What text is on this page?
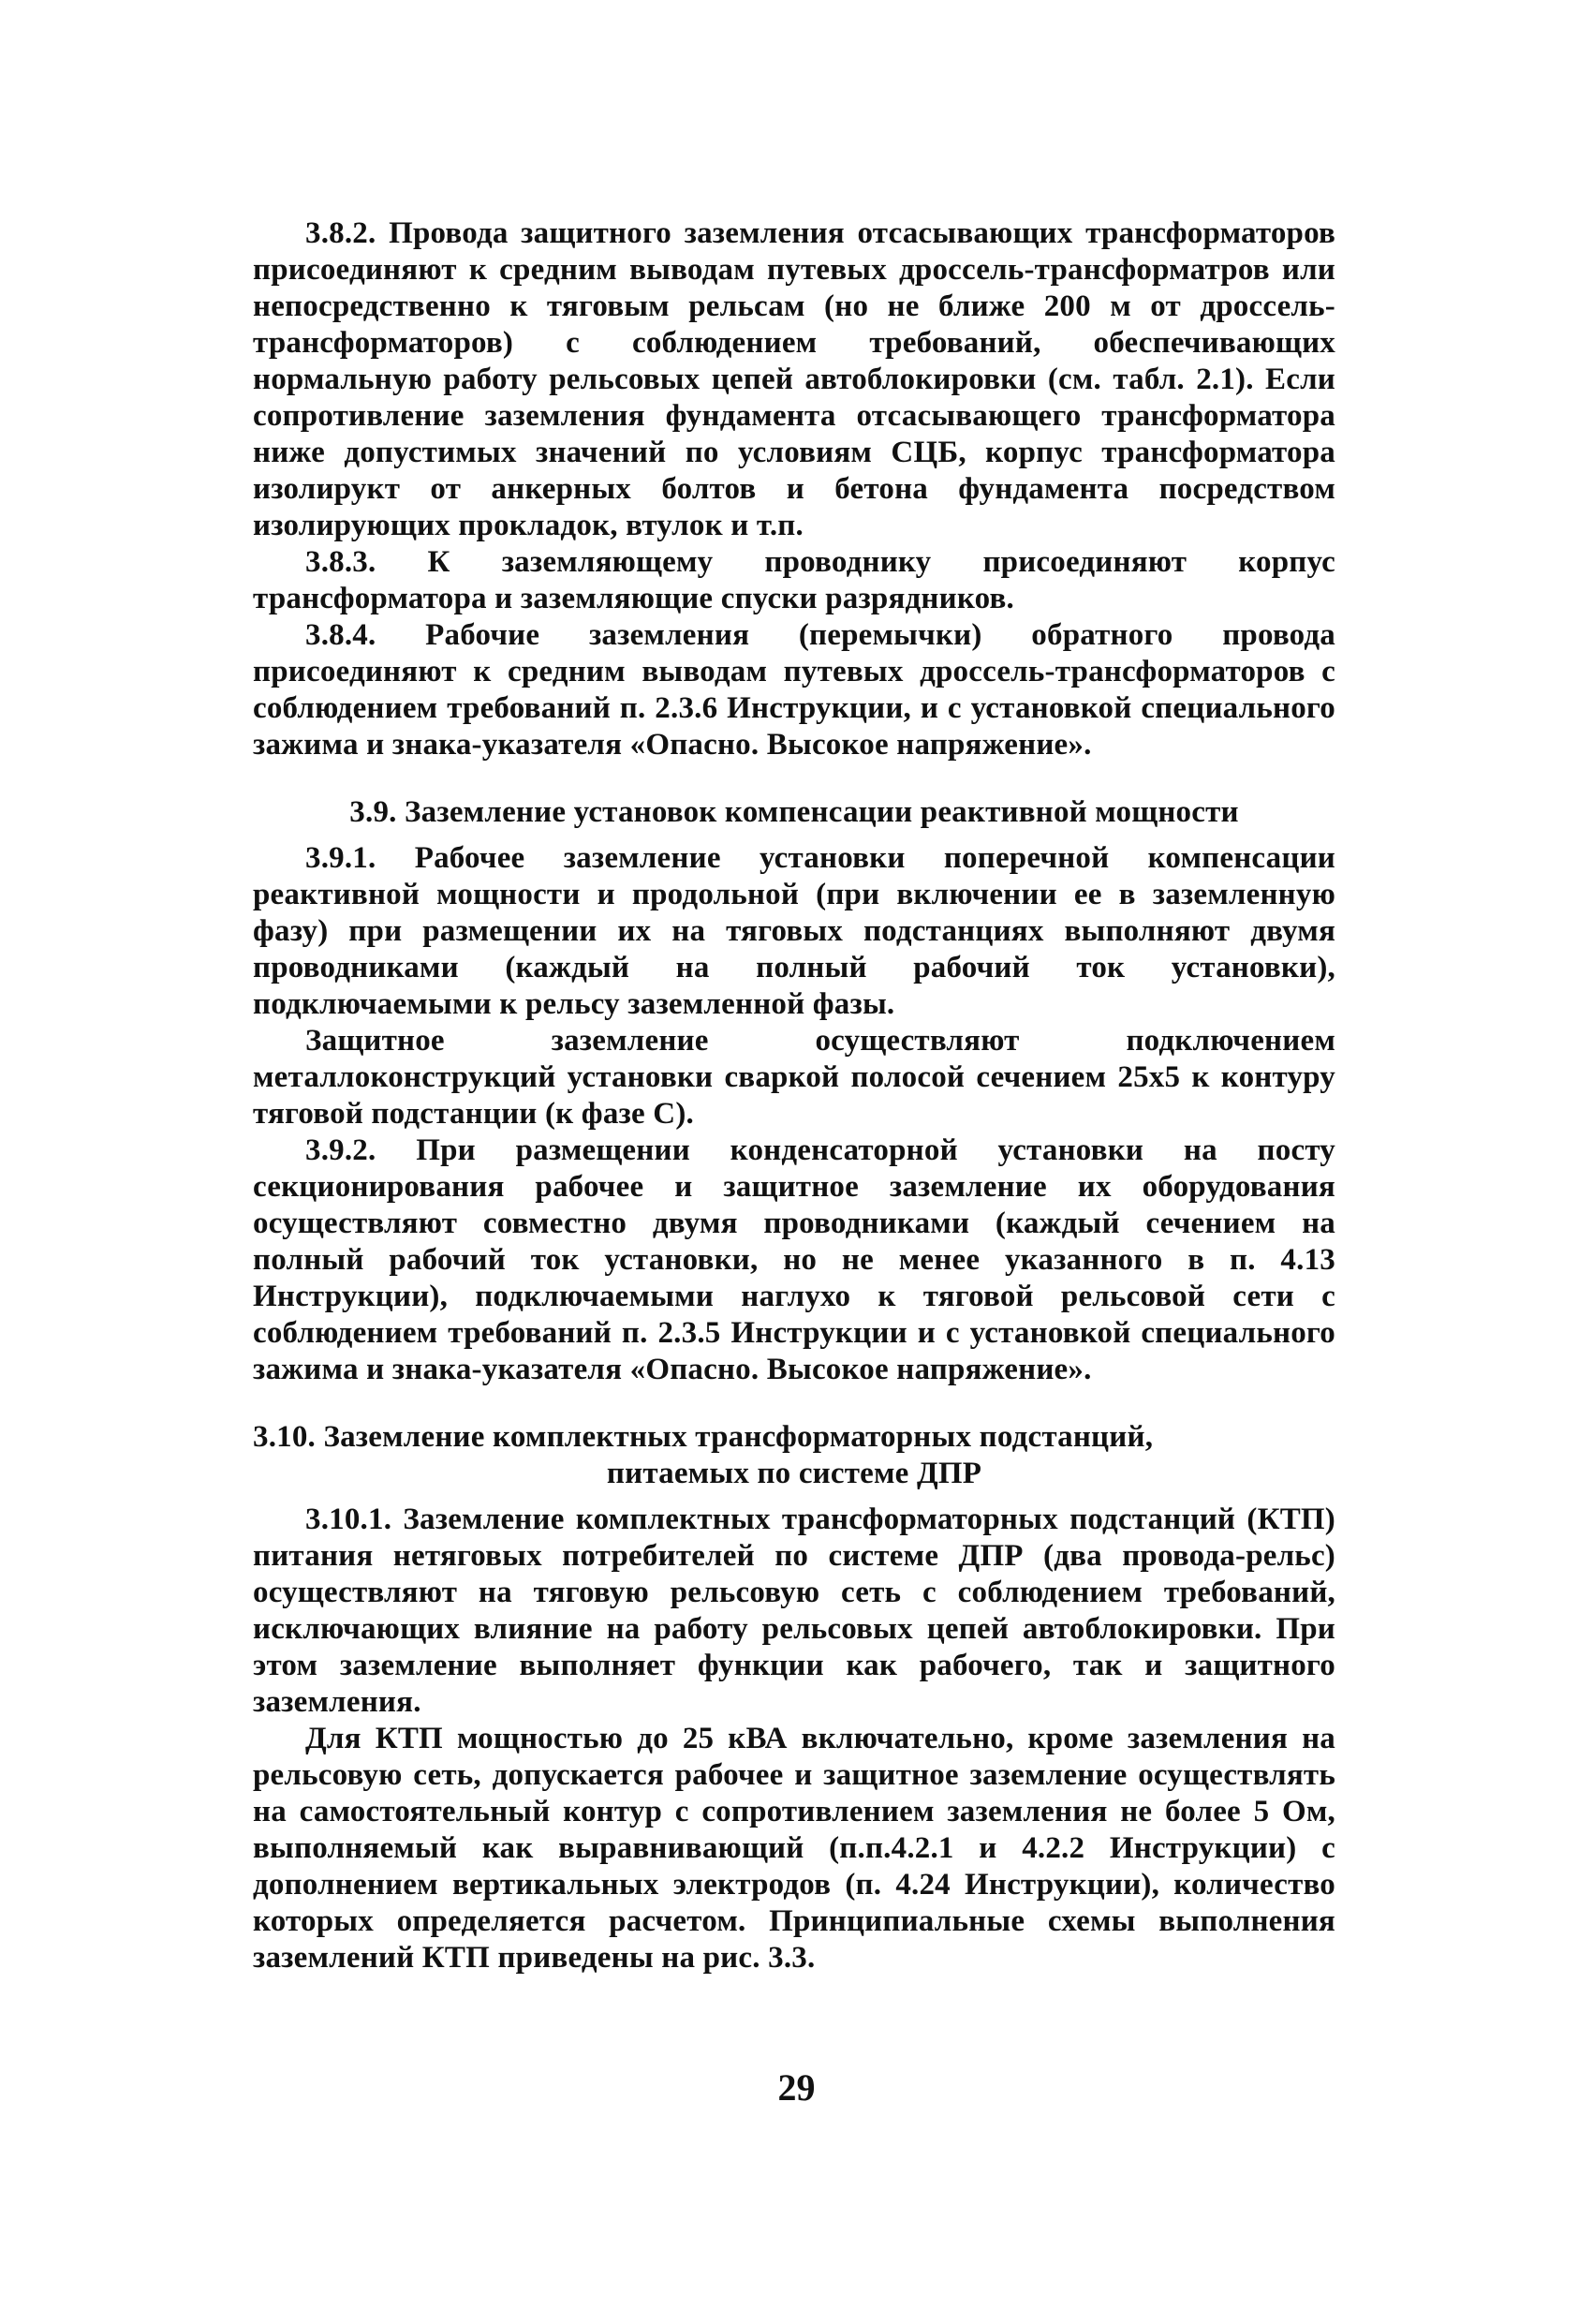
3.8.2. Провода защитного заземления отсасывающих трансформаторов присоединяют к средним выводам путевых дроссель-трансформатров или непосредственно к тяговым рельсам (но не ближе 200 м от дроссель-трансформаторов) с соблюдением требований, обеспечивающих нормальную работу рельсовых цепей автоблокировки (см. табл. 2.1). Если сопротивление заземления фундамента отсасывающего трансформатора ниже допустимых значений по условиям СЦБ, корпус трансформатора изолирукт от анкерных болтов и бетона фундамента посредством изолирующих прокладок, втулок и т.п.

3.8.3. К заземляющему проводнику присоединяют корпус трансформатора и заземляющие спуски разрядников.

3.8.4. Рабочие заземления (перемычки) обратного провода присоединяют к средним выводам путевых дроссель-трансформаторов с соблюдением требований п. 2.3.6 Инструкции, и с установкой специального зажима и знака-указателя «Опасно. Высокое напряжение».

3.9. Заземление установок компенсации реактивной мощности

3.9.1. Рабочее заземление установки поперечной компенсации реактивной мощности и продольной (при включении ее в заземленную фазу) при размещении их на тяговых подстанциях выполняют двумя проводниками (каждый на полный рабочий ток установки), подключаемыми к рельсу заземленной фазы.

Защитное заземление осуществляют подключением металлоконструкций установки сваркой полосой сечением 25х5 к контуру тяговой подстанции (к фазе С).

3.9.2. При размещении конденсаторной установки на посту секционирования рабочее и защитное заземление их оборудования осуществляют совместно двумя проводниками (каждый сечением на полный рабочий ток установки, но не менее указанного в п. 4.13 Инструкции), подключаемыми наглухо к тяговой рельсовой сети с соблюдением требований п. 2.3.5 Инструкции и с установкой специального зажима и знака-указателя «Опасно. Высокое напряжение».

3.10. Заземление комплектных трансформаторных подстанций,

питаемых по системе ДПР

3.10.1. Заземление комплектных трансформаторных подстанций (КТП) питания нетяговых потребителей по системе ДПР (два провода-рельс) осуществляют на тяговую рельсовую сеть с соблюдением требований, исключающих влияние на работу рельсовых цепей автоблокировки. При этом заземление выполняет функции как рабочего, так и защитного заземления.

Для КТП мощностью до 25 кВА включательно, кроме заземления на рельсовую сеть, допускается рабочее и защитное заземление осуществлять на самостоятельный контур с сопротивлением заземления не более 5 Ом, выполняемый как выравнивающий (п.п.4.2.1 и 4.2.2 Инструкции) с дополнением вертикальных электродов (п. 4.24 Инструкции), количество которых определяется расчетом. Принципиальные схемы выполнения заземлений КТП приведены на рис. 3.3.

29
